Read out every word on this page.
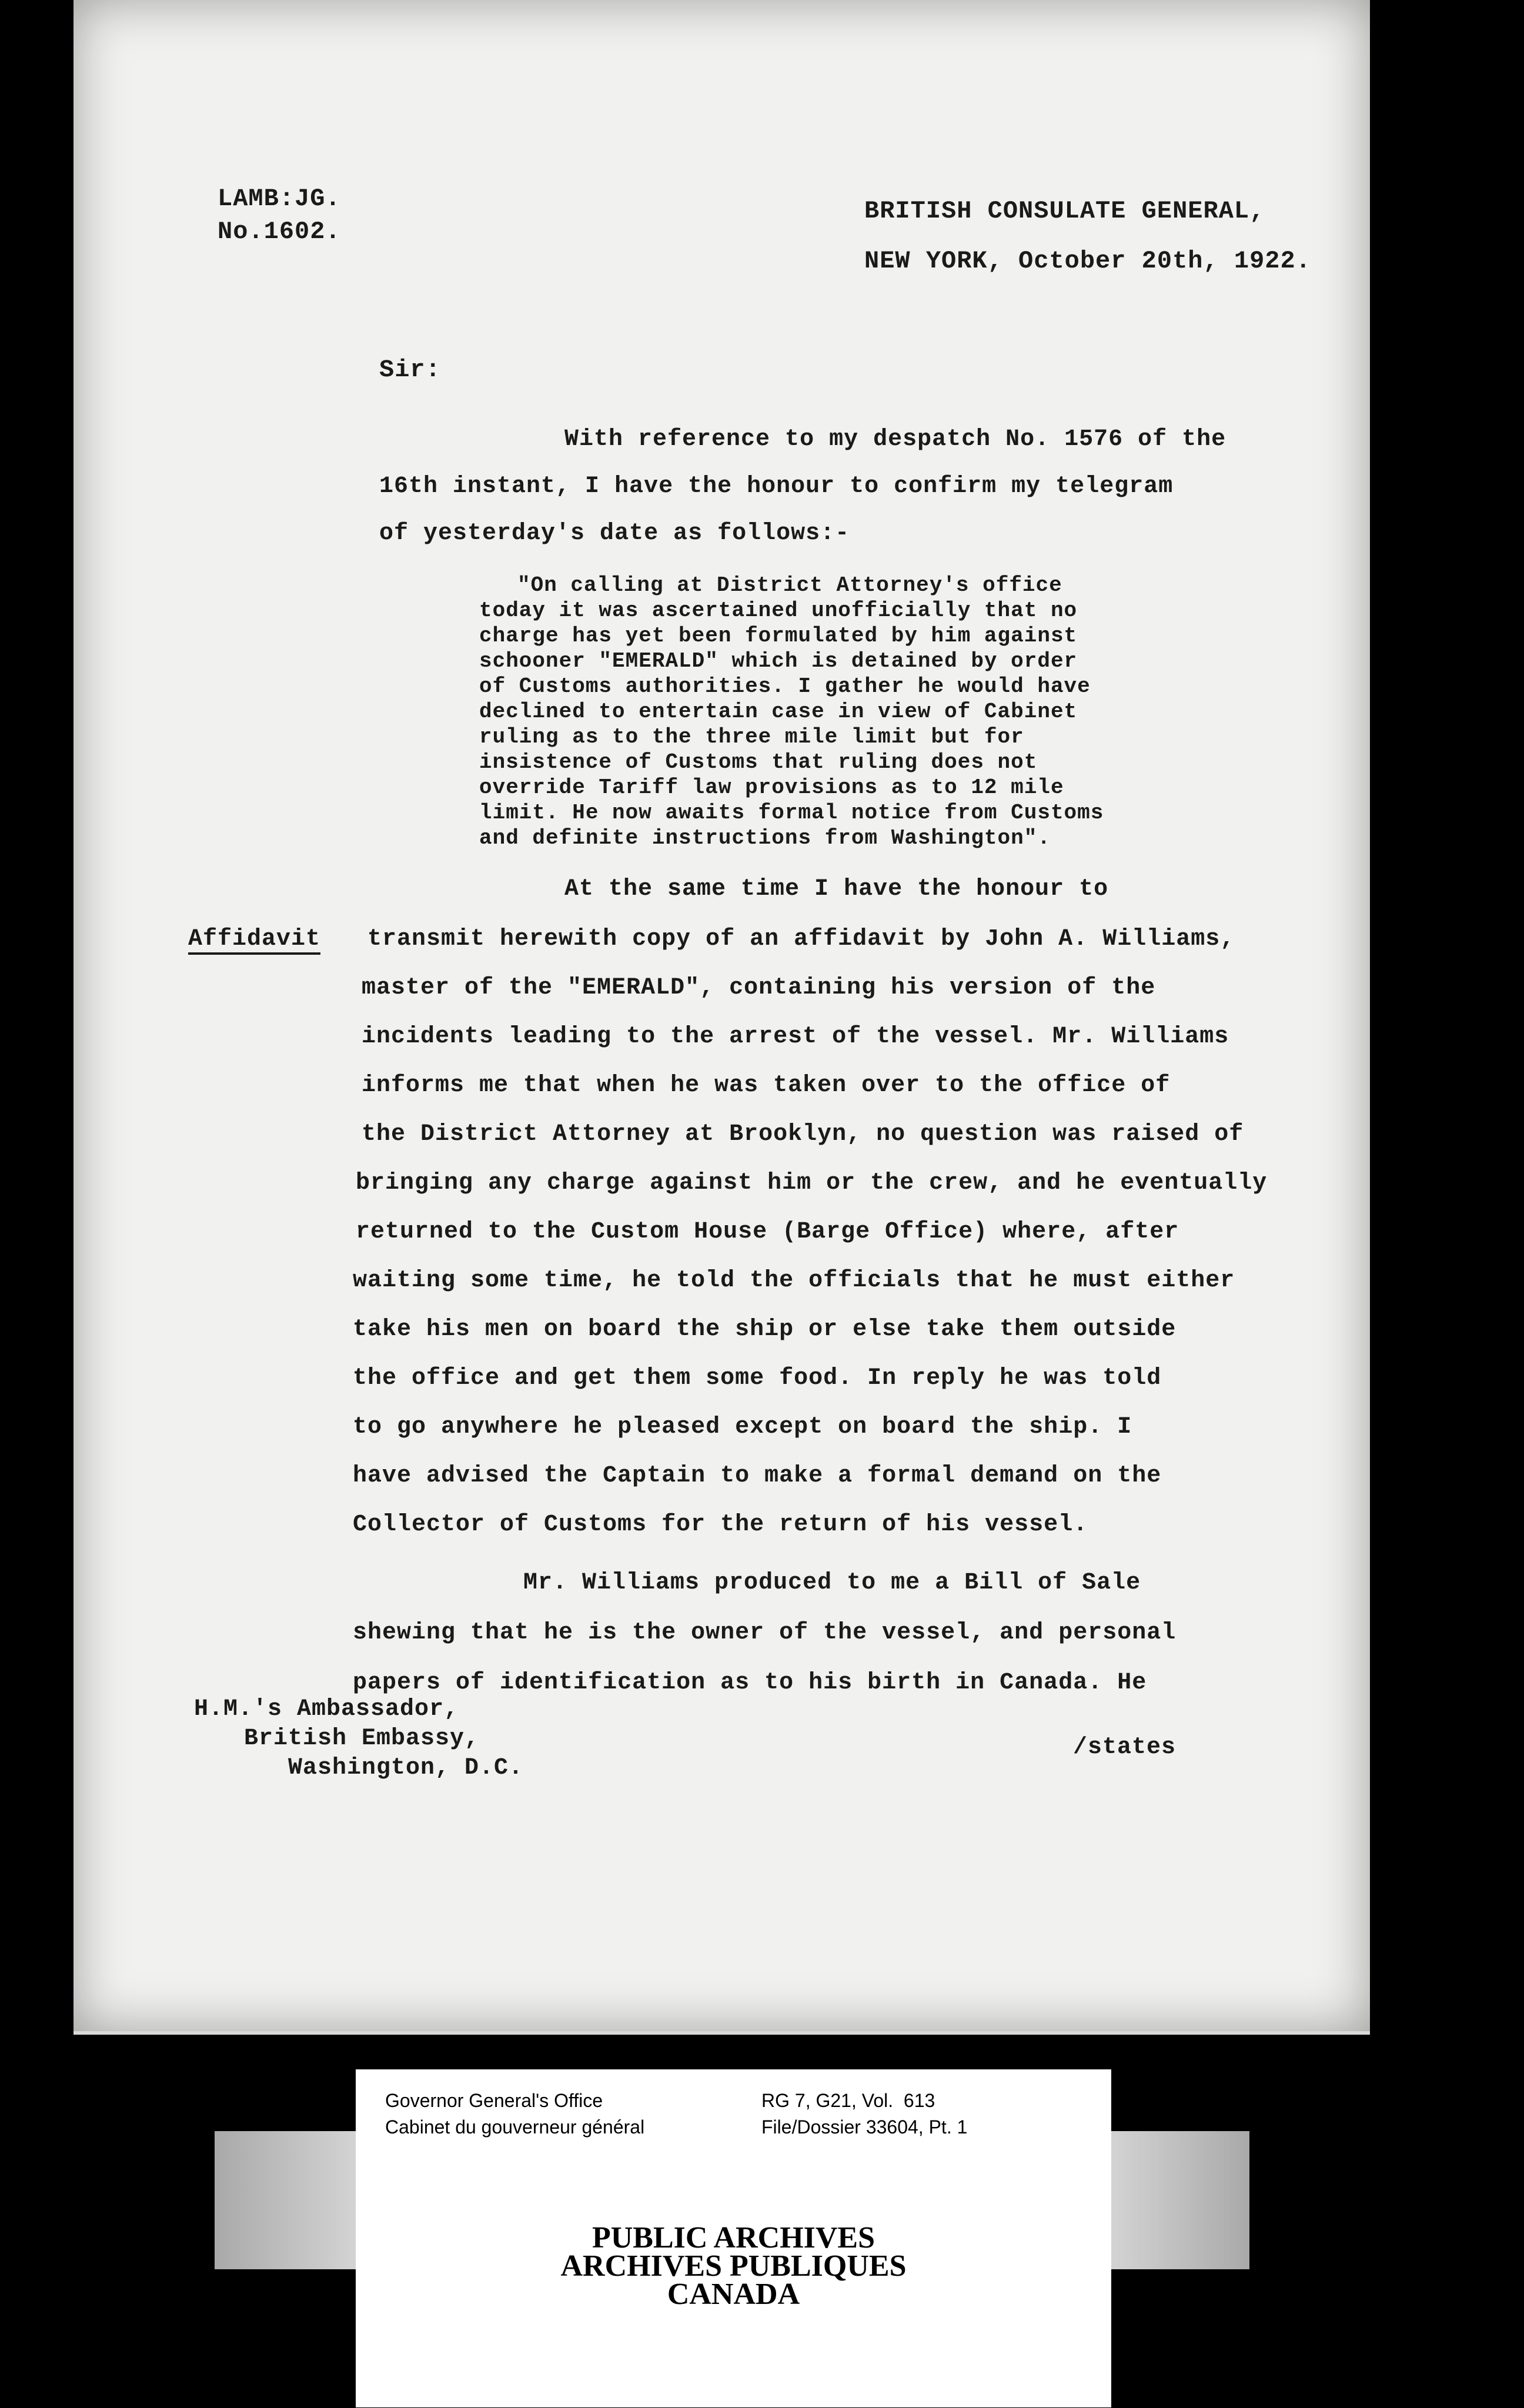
LAMB:JG.
No.1602.
BRITISH CONSULATE GENERAL,
NEW YORK, October 20th, 1922.
Sir:
With reference to my despatch No. 1576 of the
16th instant, I have the honour to confirm my telegram
of yesterday's date as follows:-
"On calling at District Attorney's office
today it was ascertained unofficially that no
charge has yet been formulated by him against
schooner "EMERALD" which is detained by order
of Customs authorities. I gather he would have
declined to entertain case in view of Cabinet
ruling as to the three mile limit but for
insistence of Customs that ruling does not
override Tariff law provisions as to 12 mile
limit. He now awaits formal notice from Customs
and definite instructions from Washington".
Affidavit
At the same time I have the honour to
transmit herewith copy of an affidavit by John A. Williams,
master of the "EMERALD", containing his version of the
incidents leading to the arrest of the vessel. Mr. Williams
informs me that when he was taken over to the office of
the District Attorney at Brooklyn, no question was raised of
bringing any charge against him or the crew, and he eventually
returned to the Custom House (Barge Office) where, after
waiting some time, he told the officials that he must either
take his men on board the ship or else take them outside
the office and get them some food. In reply he was told
to go anywhere he pleased except on board the ship. I
have advised the Captain to make a formal demand on the
Collector of Customs for the return of his vessel.
Mr. Williams produced to me a Bill of Sale
shewing that he is the owner of the vessel, and personal
papers of identification as to his birth in Canada. He
H.M.'s Ambassador,
British Embassy,
Washington, D.C.
/states
Governor General's Office
Cabinet du gouverneur général
RG 7, G21, Vol.  613
File/Dossier 33604, Pt. 1
PUBLIC ARCHIVES
ARCHIVES PUBLIQUES
CANADA
